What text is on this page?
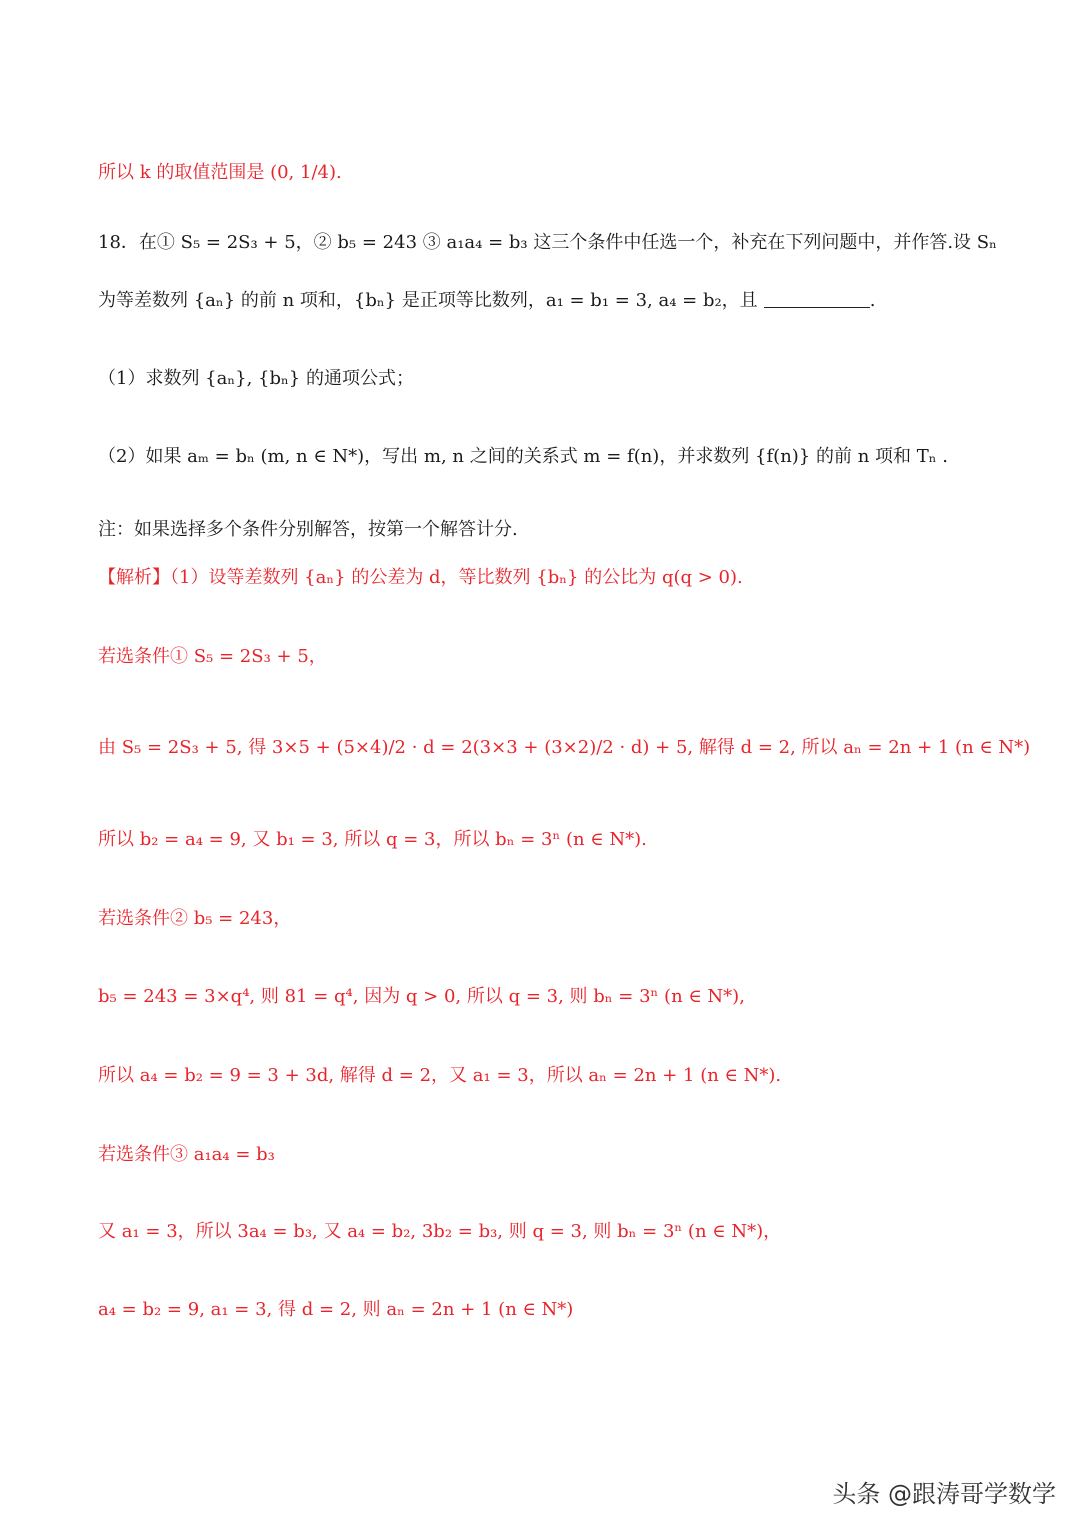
所以 k 的取值范围是 (0, 1/4).
18．在① S₅ = 2S₃ + 5，② b₅ = 243 ③ a₁a₄ = b₃ 这三个条件中任选一个，补充在下列问题中，并作答.设 Sₙ
为等差数列 {aₙ} 的前 n 项和，{bₙ} 是正项等比数列，a₁ = b₁ = 3, a₄ = b₂，且	.
（1）求数列 {aₙ}, {bₙ} 的通项公式；
（2）如果 aₘ = bₙ (m, n ∈ N*)，写出 m, n 之间的关系式 m = f(n)，并求数列 {f(n)} 的前 n 项和 Tₙ .
注：如果选择多个条件分别解答，按第一个解答计分.
【解析】（1）设等差数列 {aₙ} 的公差为 d，等比数列 {bₙ} 的公比为 q(q > 0).
若选条件① S₅ = 2S₃ + 5，
由 S₅ = 2S₃ + 5, 得 3×5 + (5×4)/2 · d = 2(3×3 + (3×2)/2 · d) + 5, 解得 d = 2, 所以 aₙ = 2n + 1 (n ∈ N*)
所以 b₂ = a₄ = 9, 又 b₁ = 3, 所以 q = 3，所以 bₙ = 3ⁿ (n ∈ N*).
若选条件② b₅ = 243，
b₅ = 243 = 3×q⁴, 则 81 = q⁴, 因为 q > 0, 所以 q = 3, 则 bₙ = 3ⁿ (n ∈ N*),
所以 a₄ = b₂ = 9 = 3 + 3d, 解得 d = 2，又 a₁ = 3，所以 aₙ = 2n + 1 (n ∈ N*).
若选条件③ a₁a₄ = b₃
又 a₁ = 3，所以 3a₄ = b₃, 又 a₄ = b₂, 3b₂ = b₃, 则 q = 3, 则 bₙ = 3ⁿ (n ∈ N*)，
a₄ = b₂ = 9, a₁ = 3, 得 d = 2, 则 aₙ = 2n + 1 (n ∈ N*)
头条 @跟涛哥学数学
